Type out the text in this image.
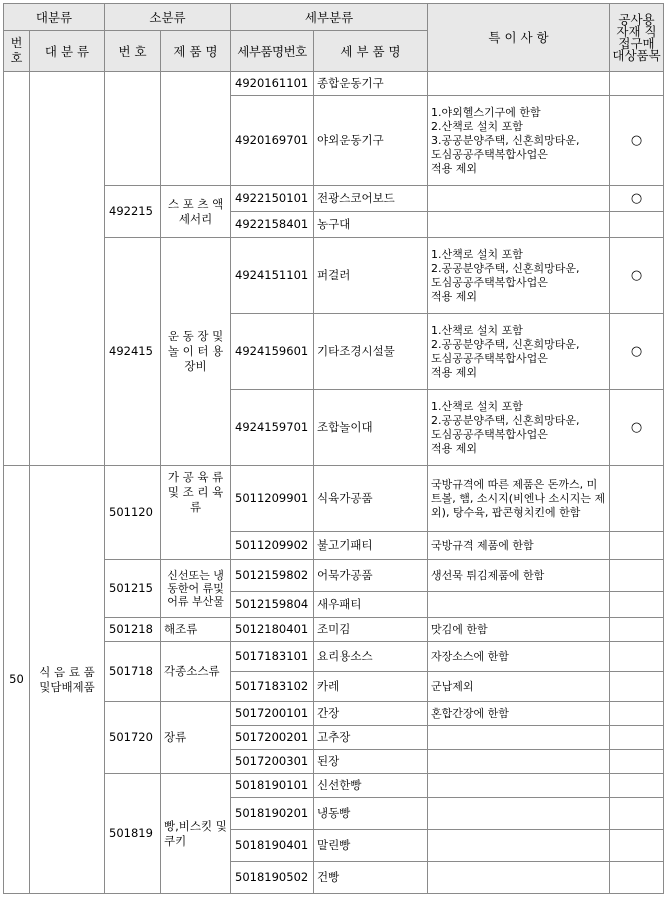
대분류		소분류		세부분류		특 이 사 항	공사용 자재 직접구매 대상품목
번호	대 분 류	번 호	제 품 명	세부품명번호	세 부 품 명		
				4920161101	종합운동기구		
				4920169701	야외운동기구	1.야외헬스기구에 한함
2.산책로 설치 포함
3.공공분양주택, 신혼희망타운,
도심공공주택복합사업은
적용 제외	○
		492215	스 포 츠 액 세서리	4922150101	전광스코어보드		○
				4922158401	농구대		
		492415	운 동 장 및 놀 이 터 용 장비	4924151101	퍼걸러	1.산책로 설치 포함
2.공공분양주택, 신혼희망타운,
도심공공주택복합사업은
적용 제외	○
				4924159601	기타조경시설물	1.산책로 설치 포함
2.공공분양주택, 신혼희망타운,
도심공공주택복합사업은
적용 제외	○
				4924159701	조합놀이대	1.산책로 설치 포함
2.공공분양주택, 신혼희망타운,
도심공공주택복합사업은
적용 제외	○
50	식 음 료 품 및담배제품	501120	가 공 육 류 및 조 리 육 류	5011209901	식육가공품	국방규격에 따른 제품은 돈까스, 미트볼, 햄, 소시지(비엔나 소시지는 제외), 탕수육, 팝콘형치킨에 한함	
				5011209902	불고기패티	국방규격 제품에 한함	
		501215	신선또는 냉동한어 류및어류 부산물	5012159802	어묵가공품	생선묵 튀김제품에 한함	
				5012159804	새우패티		
		501218	해조류	5012180401	조미김	맛김에 한함	
		501718	각종소스류	5017183101	요리용소스	자장소스에 한함	
				5017183102	카레	군납제외	
		501720	장류	5017200101	간장	혼합간장에 한함	
				5017200201	고추장		
				5017200301	된장		
		501819	빵,비스킷 및쿠키	5018190101	신선한빵		
				5018190201	냉동빵		
				5018190401	말린빵		
				5018190502	건빵		
